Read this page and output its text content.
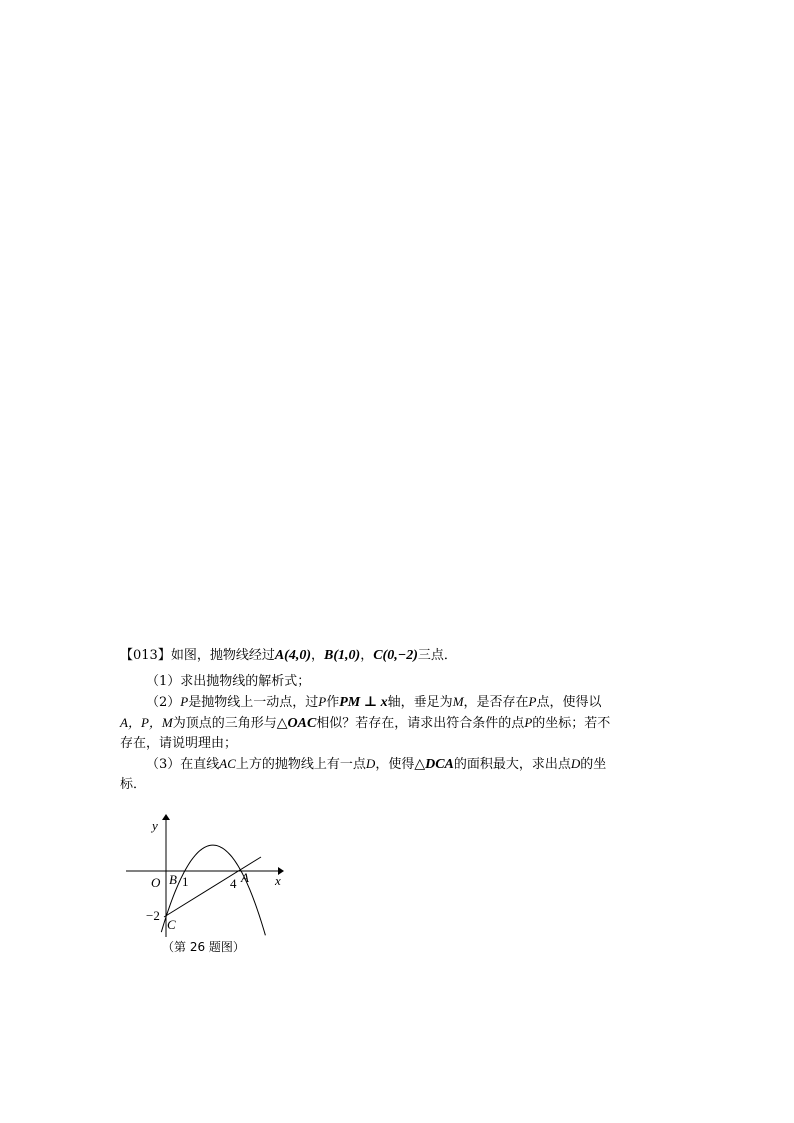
【013】如图，抛物线经过A(4,0)，B(1,0)，C(0,−2)三点．
（1）求出抛物线的解析式；
（2）P是抛物线上一动点，过P作PM ⊥ x轴，垂足为M，是否存在P点，使得以
A，P，M为顶点的三角形与△OAC相似？若存在，请求出符合条件的点P的坐标；若不
存在，请说明理由；
（3）在直线AC上方的抛物线上有一点D，使得△DCA的面积最大，求出点D的坐
标．
y
x
O B 1	4 A
−2
C
（第 26 题图）
